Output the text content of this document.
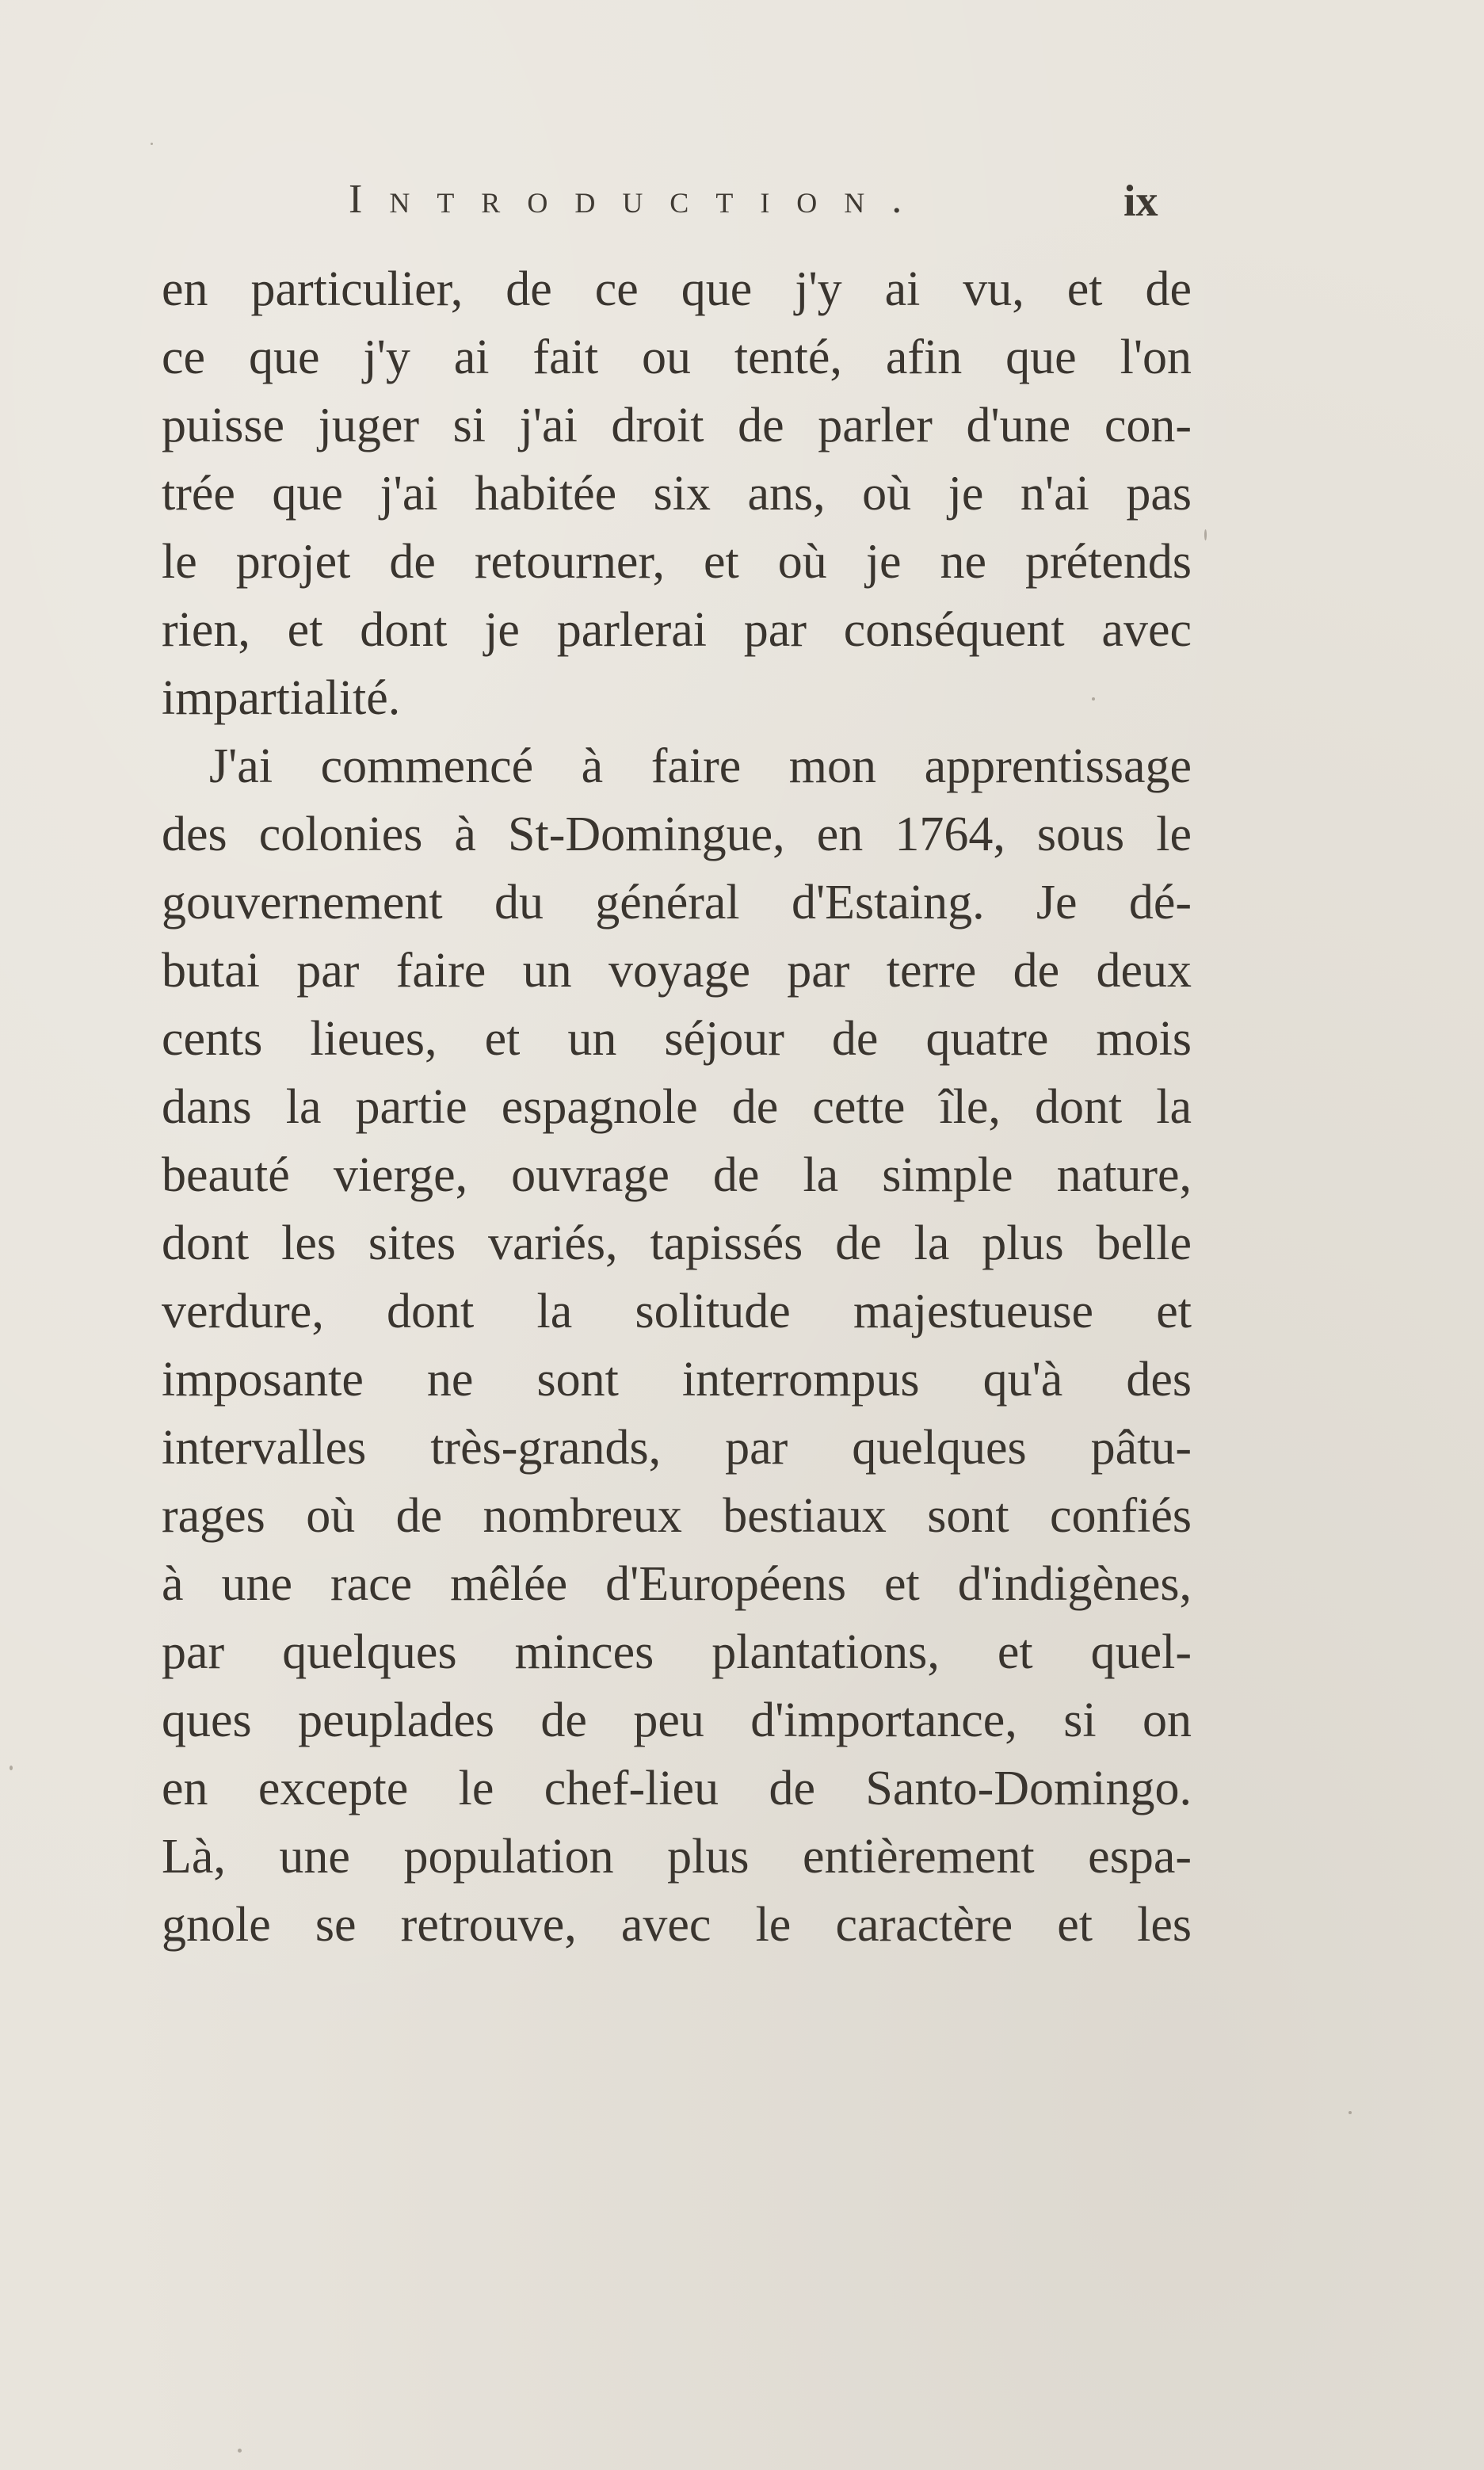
Introduction.	ix
en particulier, de ce que j'y ai vu, et de
ce que j'y ai fait ou tenté, afin que l'on
puisse juger si j'ai droit de parler d'une con-
trée que j'ai habitée six ans, où je n'ai pas
le projet de retourner, et où je ne prétends
rien, et dont je parlerai par conséquent avec
impartialité.
J'ai commencé à faire mon apprentissage
des colonies à St-Domingue, en 1764, sous le
gouvernement du général d'Estaing. Je dé-
butai par faire un voyage par terre de deux
cents lieues, et un séjour de quatre mois
dans la partie espagnole de cette île, dont la
beauté vierge, ouvrage de la simple nature,
dont les sites variés, tapissés de la plus belle
verdure, dont la solitude majestueuse et
imposante ne sont interrompus qu'à des
intervalles très-grands, par quelques pâtu-
rages où de nombreux bestiaux sont confiés
à une race mêlée d'Européens et d'indigènes,
par quelques minces plantations, et quel-
ques peuplades de peu d'importance, si on
en excepte le chef-lieu de Santo-Domingo.
Là, une population plus entièrement espa-
gnole se retrouve, avec le caractère et les
